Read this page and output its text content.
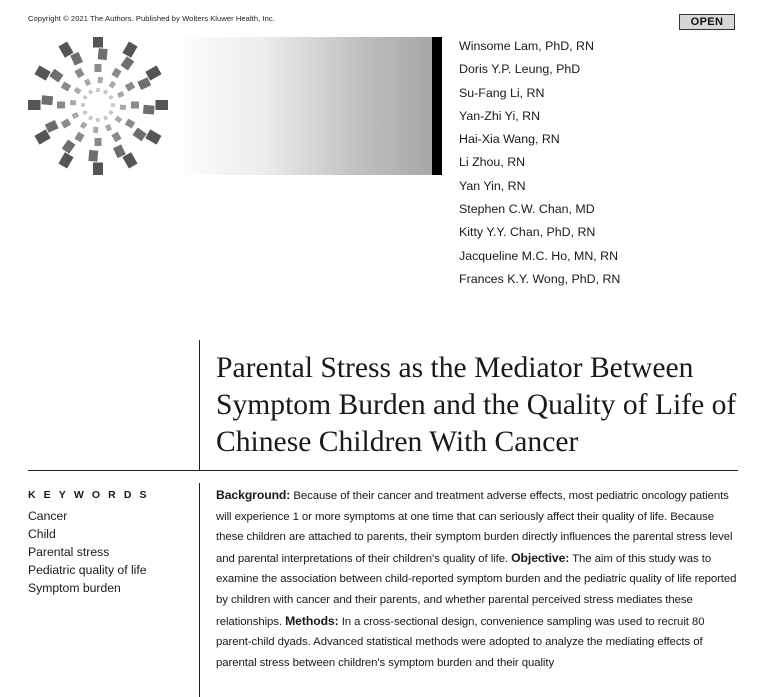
Copyright © 2021 The Authors. Published by Wolters Kluwer Health, Inc.	OPEN
Winsome Lam, PhD, RN
Doris Y.P. Leung, PhD
Su-Fang Li, RN
Yan-Zhi Yi, RN
Hai-Xia Wang, RN
Li Zhou, RN
Yan Yin, RN
Stephen C.W. Chan, MD
Kitty Y.Y. Chan, PhD, RN
Jacqueline M.C. Ho, MN, RN
Frances K.Y. Wong, PhD, RN
Parental Stress as the Mediator Between
Symptom Burden and the Quality of Life of
Chinese Children With Cancer
KEYWORDS
Cancer
Child
Parental stress
Pediatric quality of life
Symptom burden

Background: Because of their cancer and treatment adverse effects, most pediatric oncology patients will experience 1 or more symptoms at one time that can seriously affect their quality of life. Because these children are attached to parents, their symptom burden directly influences the parental stress level and parental interpretations of their children's quality of life. Objective: The aim of this study was to examine the association between child-reported symptom burden and the pediatric quality of life reported by children with cancer and their parents, and whether parental perceived stress mediates these relationships. Methods: In a cross-sectional design, convenience sampling was used to recruit 80 parent-child dyads. Advanced statistical methods were adopted to analyze the mediating effects of parental stress between children's symptom burden and their quality
